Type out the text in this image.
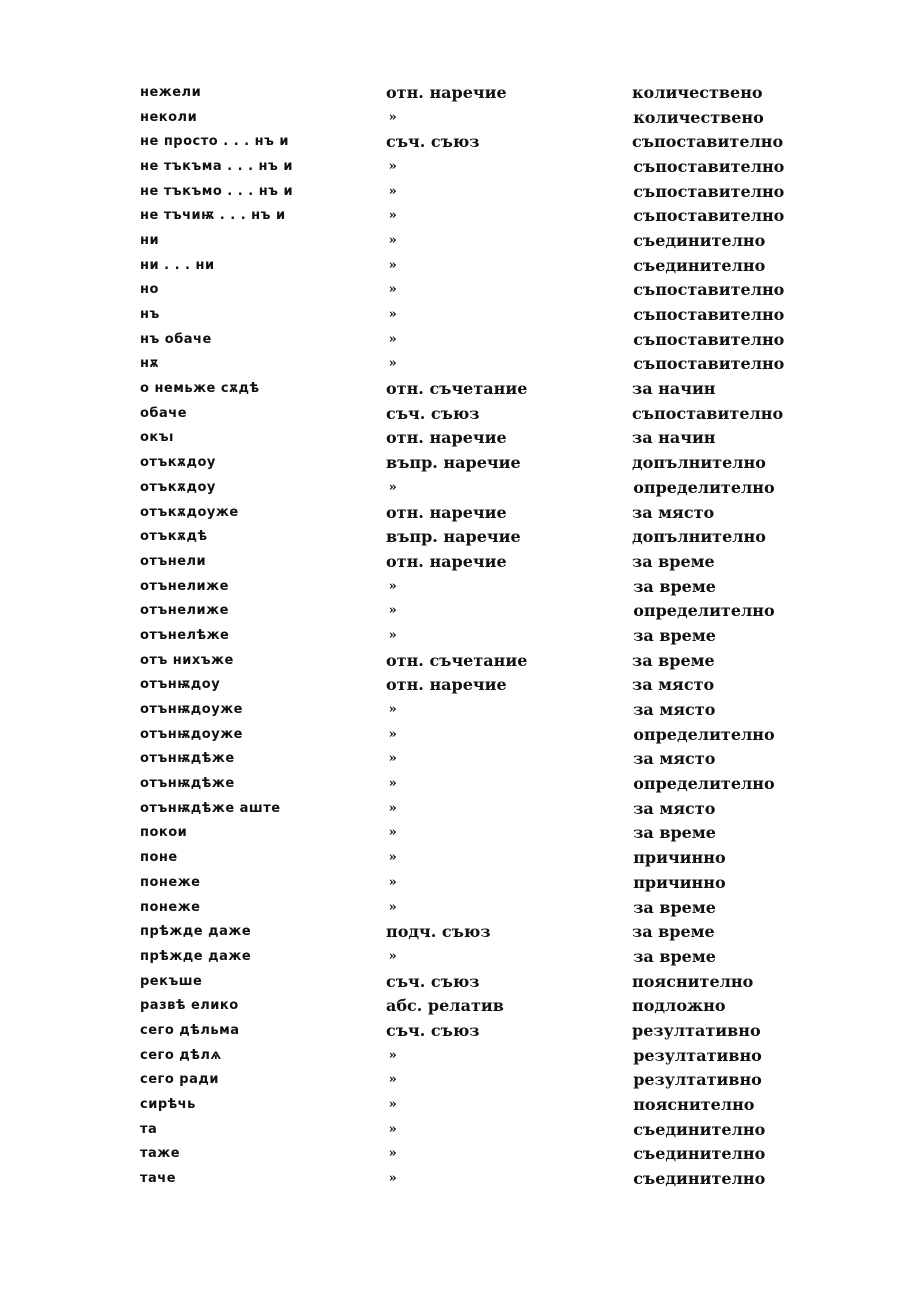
нежели	отн. наречие	количествено
неколи	»	количествено
не просто . . . нъ и	съч. съюз	съпоставително
не тъкъма . . . нъ и	»	съпоставително
не тъкъмо . . . нъ и	»	съпоставително
не тъчиѭ . . . нъ и	»	съпоставително
ни	»	съединително
ни . . . ни	»	съединително
но	»	съпоставително
нъ	»	съпоставително
нъ обаче	»	съпоставително
нѫ	»	съпоставително
о немьже сѫдѣ	отн. съчетание	за начин
обаче	съч. съюз	съпоставително
окъı	отн. наречие	за начин
отъкѫдоу	въпр. наречие	допълнително
отъкѫдоу	»	определително
отъкѫдоуже	отн. наречие	за място
отъкѫдѣ	въпр. наречие	допълнително
отънели	отн. наречие	за време
отънелиже	»	за време
отънелиже	»	определително
отънелѣже	»	за време
отъ нихъже	отн. съчетание	за време
отънѭдоу	отн. наречие	за място
отънѭдоуже	»	за място
отънѭдоуже	»	определително
отънѭдѣже	»	за място
отънѭдѣже	»	определително
отънѭдѣже аште	»	за място
покои	»	за време
поне	»	причинно
понеже	»	причинно
понеже	»	за време
прѣжде даже	подч. съюз	за време
прѣжде даже	»	за време
рекъше	съч. съюз	пояснително
развѣ елико	абс. релатив	подложно
сего дѣльма	съч. съюз	резултативно
сего дѣлѧ	»	резултативно
сего ради	»	резултативно
сирѣчь	»	пояснително
та	»	съединително
таже	»	съединително
таче	»	съединително
